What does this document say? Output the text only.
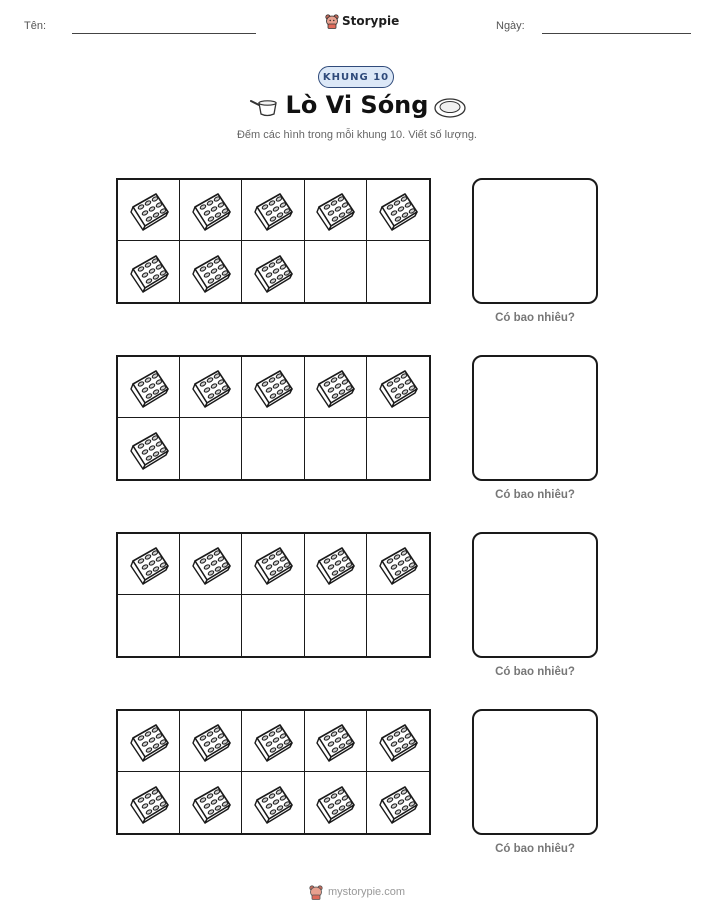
Tên:	Storypie	Ngày:
KHUNG 10
Lò Vi Sóng
Đếm các hình trong mỗi khung 10. Viết số lượng.
Có bao nhiêu?
Có bao nhiêu?
Có bao nhiêu?
Có bao nhiêu?
mystorypie.com
